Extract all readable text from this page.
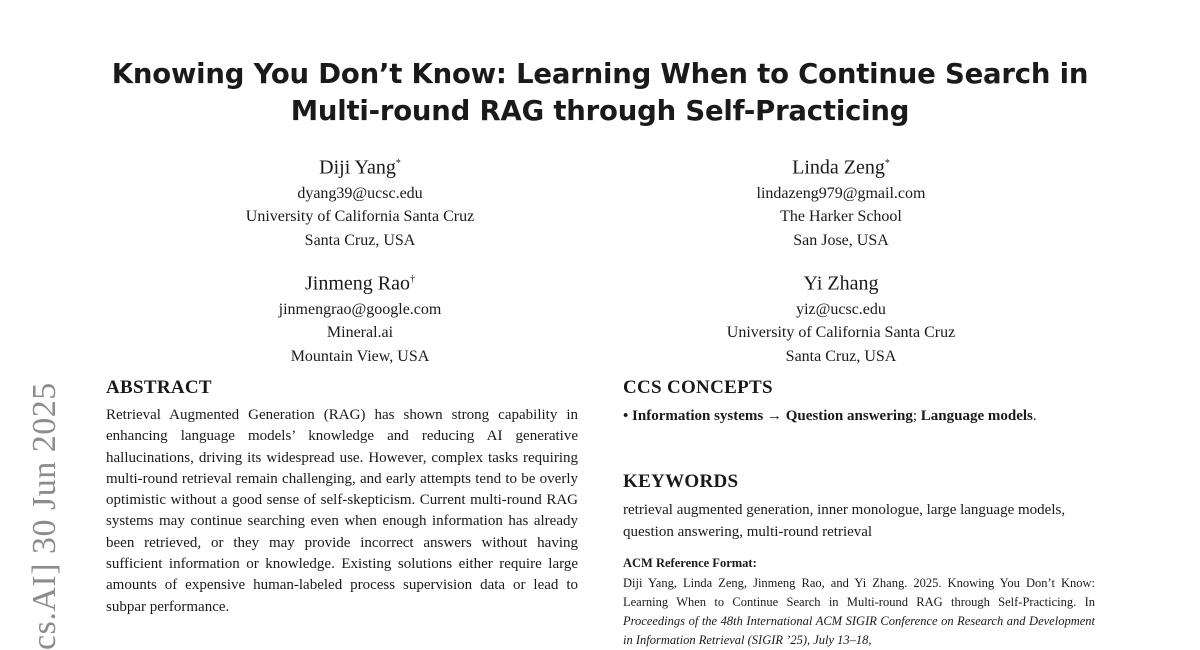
Knowing You Don’t Know: Learning When to Continue Search in
Multi-round RAG through Self-Practicing
Diji Yang*
dyang39@ucsc.edu
University of California Santa Cruz
Santa Cruz, USA
Linda Zeng*
lindazeng979@gmail.com
The Harker School
San Jose, USA
Jinmeng Rao†
jinmengrao@google.com
Mineral.ai
Mountain View, USA
Yi Zhang
yiz@ucsc.edu
University of California Santa Cruz
Santa Cruz, USA
cs.AI] 30 Jun 2025 ABSTRACT
Retrieval Augmented Generation (RAG) has shown strong capability in enhancing language models’ knowledge and reducing AI generative hallucinations, driving its widespread use. However, complex tasks requiring multi-round retrieval remain challenging, and early attempts tend to be overly optimistic without a good sense of self-skepticism. Current multi-round RAG systems may continue searching even when enough information has already been retrieved, or they may provide incorrect answers without having sufficient information or knowledge. Existing solutions either require large amounts of expensive human-labeled process supervision data or lead to subpar performance.
CCS CONCEPTS
• Information systems → Question answering; Language models.
KEYWORDS
retrieval augmented generation, inner monologue, large language models, question answering, multi-round retrieval
ACM Reference Format:
Diji Yang, Linda Zeng, Jinmeng Rao, and Yi Zhang. 2025. Knowing You Don’t Know: Learning When to Continue Search in Multi-round RAG through Self-Practicing. In Proceedings of the 48th International ACM SIGIR Conference on Research and Development in Information Retrieval (SIGIR ’25), July 13–18,
